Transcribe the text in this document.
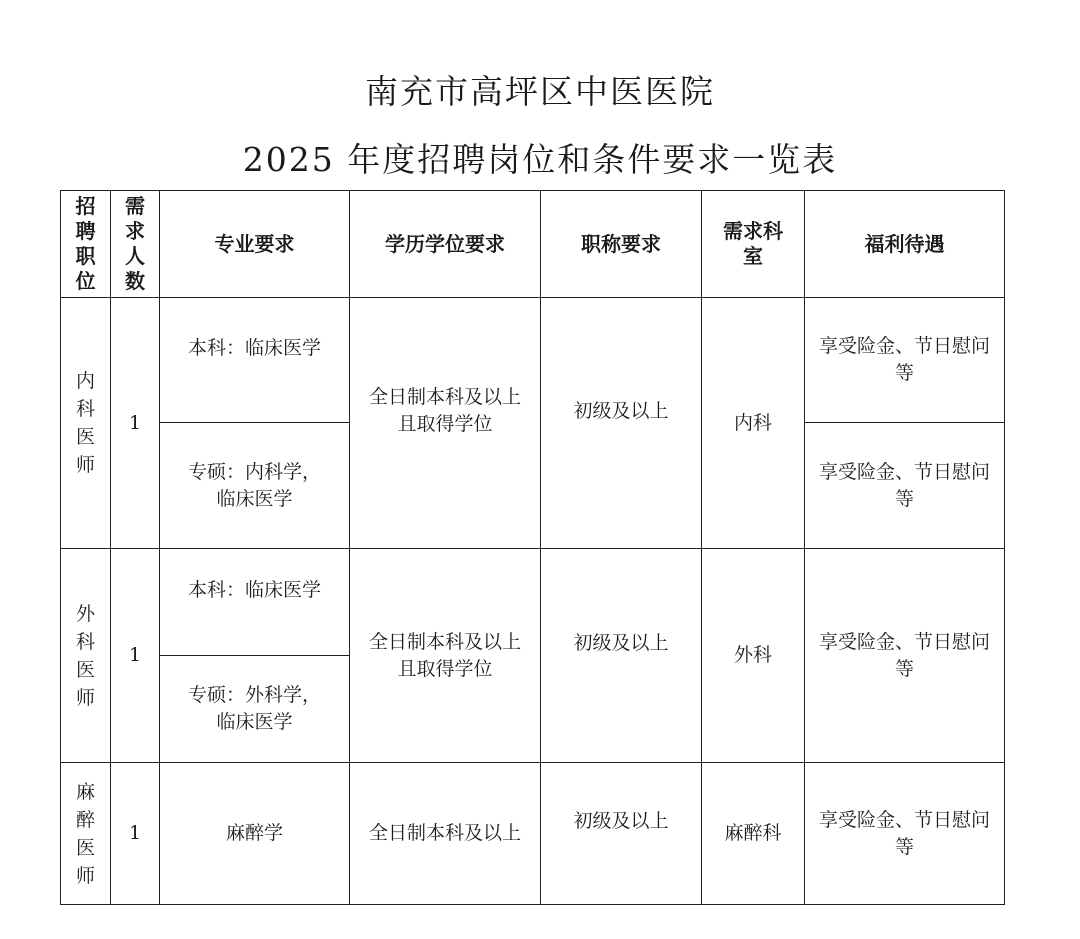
南充市高坪区中医医院
2025 年度招聘岗位和条件要求一览表
招聘职位	需求人数	专业要求	学历学位要求	职称要求	需求科室	福利待遇
内科医师	1	本科：临床医学	全日制本科及以上且取得学位	初级及以上	内科	享受险金、节日慰问等
		专硕：内科学，临床医学				享受险金、节日慰问等
外科医师	1	本科：临床医学	全日制本科及以上且取得学位	初级及以上	外科	享受险金、节日慰问等
		专硕：外科学，临床医学				
麻醉医师	1	麻醉学	全日制本科及以上	初级及以上	麻醉科	享受险金、节日慰问等
